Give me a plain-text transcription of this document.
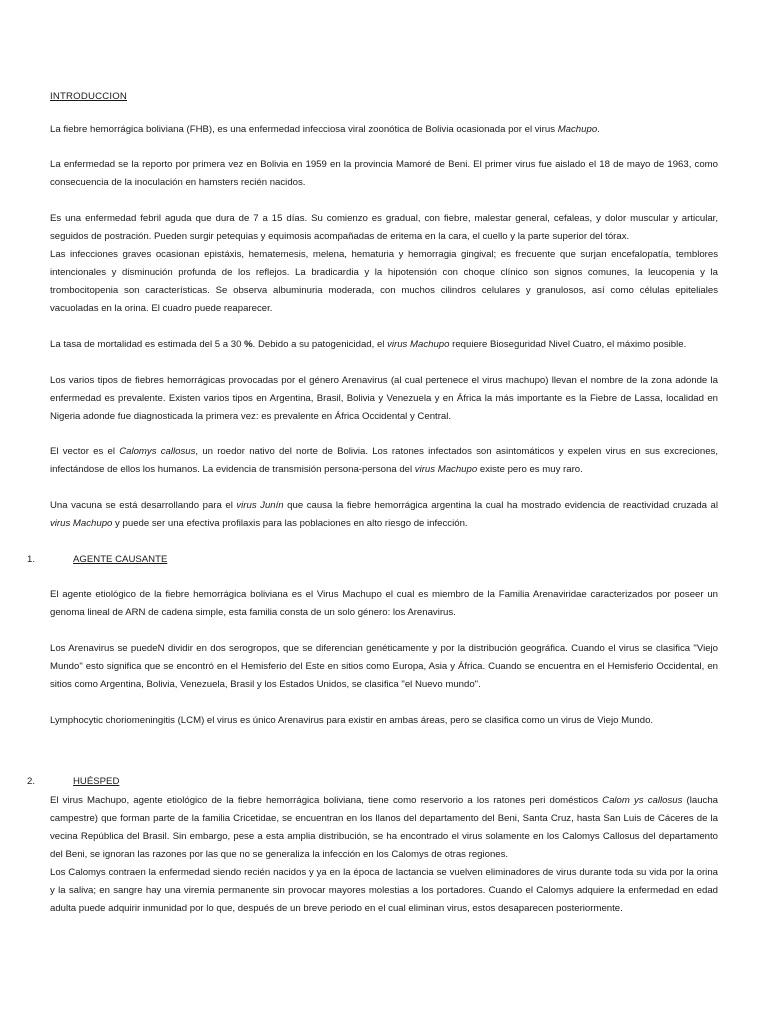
INTRODUCCION

La fiebre hemorrágica boliviana (FHB), es una enfermedad infecciosa viral zoonótica de Bolivia ocasionada por el virus Machupo.

La enfermedad se la reporto por primera vez en Bolivia en 1959 en la provincia Mamoré de Beni. El primer virus fue aislado el 18 de mayo de 1963, como consecuencia de la inoculación en hamsters recién nacidos.

Es una enfermedad febril aguda que dura de 7 a 15 días. Su comienzo es gradual, con fiebre, malestar general, cefaleas, y dolor muscular y articular, seguidos de postración. Pueden surgir petequias y equimosis acompañadas de eritema en la cara, el cuello y la parte superior del tórax.

Las infecciones graves ocasionan epistáxis, hematemesis, melena, hematuria y hemorragia gingival; es frecuente que surjan encefalopatía, temblores intencionales y disminución profunda de los reflejos. La bradicardia y la hipotensión con choque clínico son signos comunes, la leucopenia y la trombocitopenia son características. Se observa albuminuria moderada, con muchos cilindros celulares y granulosos, así como células epiteliales vacuoladas en la orina. El cuadro puede reaparecer.

La tasa de mortalidad es estimada del 5 a 30 %. Debido a su patogenicidad, el virus Machupo requiere Bioseguridad Nivel Cuatro, el máximo posible.

Los varios tipos de fiebres hemorrágicas provocadas por el género Arenavirus (al cual pertenece el virus machupo) llevan el nombre de la zona adonde la enfermedad es prevalente. Existen varios tipos en Argentina, Brasil, Bolivia y Venezuela y en África la más importante es la Fiebre de Lassa, localidad en Nigeria adonde fue diagnosticada la primera vez: es prevalente en África Occidental y Central.

El vector es el Calomys callosus, un roedor nativo del norte de Bolivia. Los ratones infectados son asintomáticos y expelen virus en sus excreciones, infectándose de ellos los humanos. La evidencia de transmisión persona-persona del virus Machupo existe pero es muy raro.

Una vacuna se está desarrollando para el virus Junín que causa la fiebre hemorrágica argentina la cual ha mostrado evidencia de reactividad cruzada al virus Machupo y puede ser una efectiva profilaxis para las poblaciones en alto riesgo de infección.

1.	AGENTE CAUSANTE

El agente etiológico de la fiebre hemorrágica boliviana es el Virus Machupo el cual es miembro de la Familia Arenaviridae caracterizados por poseer un genoma lineal de ARN de cadena simple, esta familia consta de un solo género: los Arenavirus.

Los Arenavirus se puedeN dividir en dos serogropos, que se diferencian genéticamente y por la distribución geográfica. Cuando el virus se clasifica "Viejo Mundo" esto significa que se encontró en el Hemisferio del Este en sitios como Europa, Asia y África. Cuando se encuentra en el Hemisferio Occidental, en sitios como Argentina, Bolivia, Venezuela, Brasil y los Estados Unidos, se clasifica "el Nuevo mundo".

Lymphocytic choriomeningitis (LCM) el virus es único Arenavirus para existir en ambas áreas, pero se clasifica como un virus de Viejo Mundo.

2.	HUÉSPED

El virus Machupo, agente etiológico de la fiebre hemorrágica boliviana, tiene como reservorio a los ratones peri domésticos Calom ys callosus (laucha campestre) que forman parte de la familia Cricetidae, se encuentran en los llanos del departamento del Beni, Santa Cruz, hasta San Luis de Cáceres de la vecina República del Brasil. Sin embargo, pese a esta amplia distribución, se ha encontrado el virus solamente en los Calomys Callosus del departamento del Beni, se ignoran las razones por las que no se generaliza la infección en los Calomys de otras regiones.

Los Calomys contraen la enfermedad siendo recién nacidos y ya en la época de lactancia se vuelven eliminadores de virus durante toda su vida por la orina y la saliva; en sangre hay una viremia permanente sin provocar mayores molestias a los portadores. Cuando el Calomys adquiere la enfermedad en edad adulta puede adquirir inmunidad por lo que, después de un breve periodo en el cual eliminan virus, estos desaparecen posteriormente.
